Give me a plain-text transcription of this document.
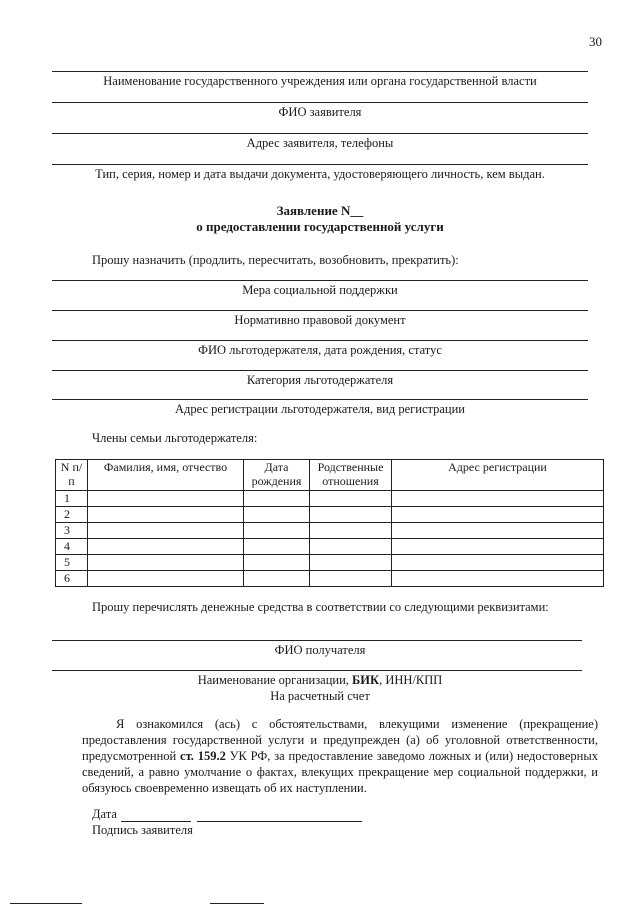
30
Наименование государственного учреждения или органа государственной власти
ФИО заявителя
Адрес заявителя, телефоны
Тип, серия, номер и дата выдачи документа, удостоверяющего личность, кем выдан.
Заявление N__
о предоставлении государственной услуги
Прошу назначить (продлить, пересчитать, возобновить, прекратить):
Мера социальной поддержки
Нормативно правовой документ
ФИО льготодержателя, дата рождения, статус
Категория льготодержателя
Адрес регистрации льготодержателя, вид регистрации
Члены семьи льготодержателя:
N п/п	Фамилия, имя, отчество	Дата рождения	Родственные отношения	Адрес регистрации
1				
2				
3				
4				
5				
6				
Прошу перечислять денежные средства в соответствии со следующими реквизитами:
ФИО получателя
Наименование организации, БИК, ИНН/КПП
На расчетный счет
Я ознакомился (ась) с обстоятельствами, влекущими изменение (прекращение) предоставления государственной услуги и предупрежден (а) об уголовной ответственности, предусмотренной ст. 159.2 УК РФ, за предоставление заведомо ложных и (или) недостоверных сведений, а равно умолчание о фактах, влекущих прекращение мер социальной поддержки, и обязуюсь своевременно извещать об их наступлении.
Дата
Подпись заявителя
